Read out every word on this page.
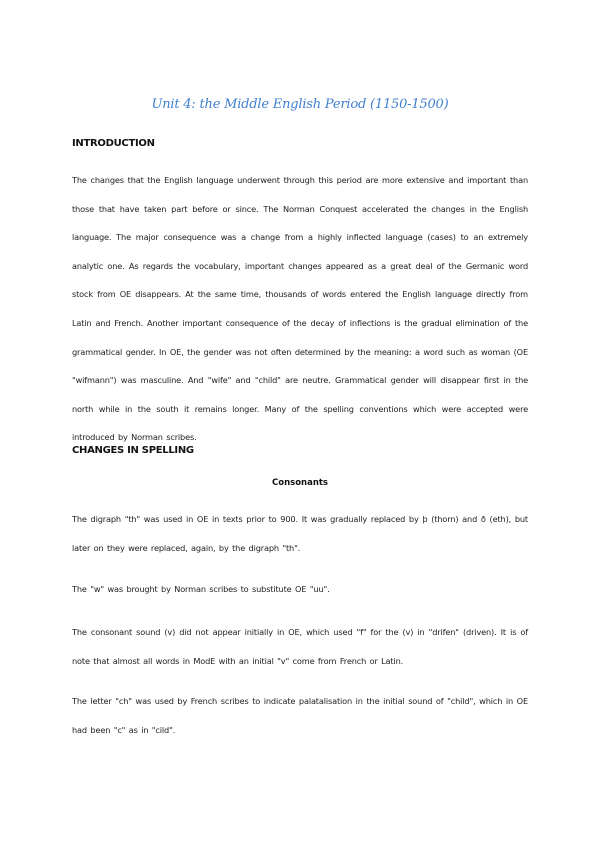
Unit 4: the Middle English Period (1150-1500)
INTRODUCTION
The changes that the English language underwent through this period are more extensive and important than those that have taken part before or since. The Norman Conquest accelerated the changes in the English language. The major consequence was a change from a highly inflected language (cases) to an extremely analytic one. As regards the vocabulary, important changes appeared as a great deal of the Germanic word stock from OE disappears. At the same time, thousands of words entered the English language directly from Latin and French. Another important consequence of the decay of inflections is the gradual elimination of the grammatical gender. In OE, the gender was not often determined by the meaning: a word such as woman (OE "wifmann") was masculine. And "wife" and "child" are neutre. Grammatical gender will disappear first in the north while in the south it remains longer. Many of the spelling conventions which were accepted were introduced by Norman scribes.
CHANGES IN SPELLING
Consonants
The digraph "th" was used in OE in texts prior to 900. It was gradually replaced by þ (thorn) and ð (eth), but later on they were replaced, again, by the digraph "th".
The "w" was brought by Norman scribes to substitute OE "uu".
The consonant sound (v) did not appear initially in OE, which used "f" for the (v) in "drifen" (driven). It is of note that almost all words in ModE with an initial "v" come from French or Latin.
The letter "ch" was used by French scribes to indicate palatalisation in the initial sound of "child", which in OE had been "c" as in "cild".
